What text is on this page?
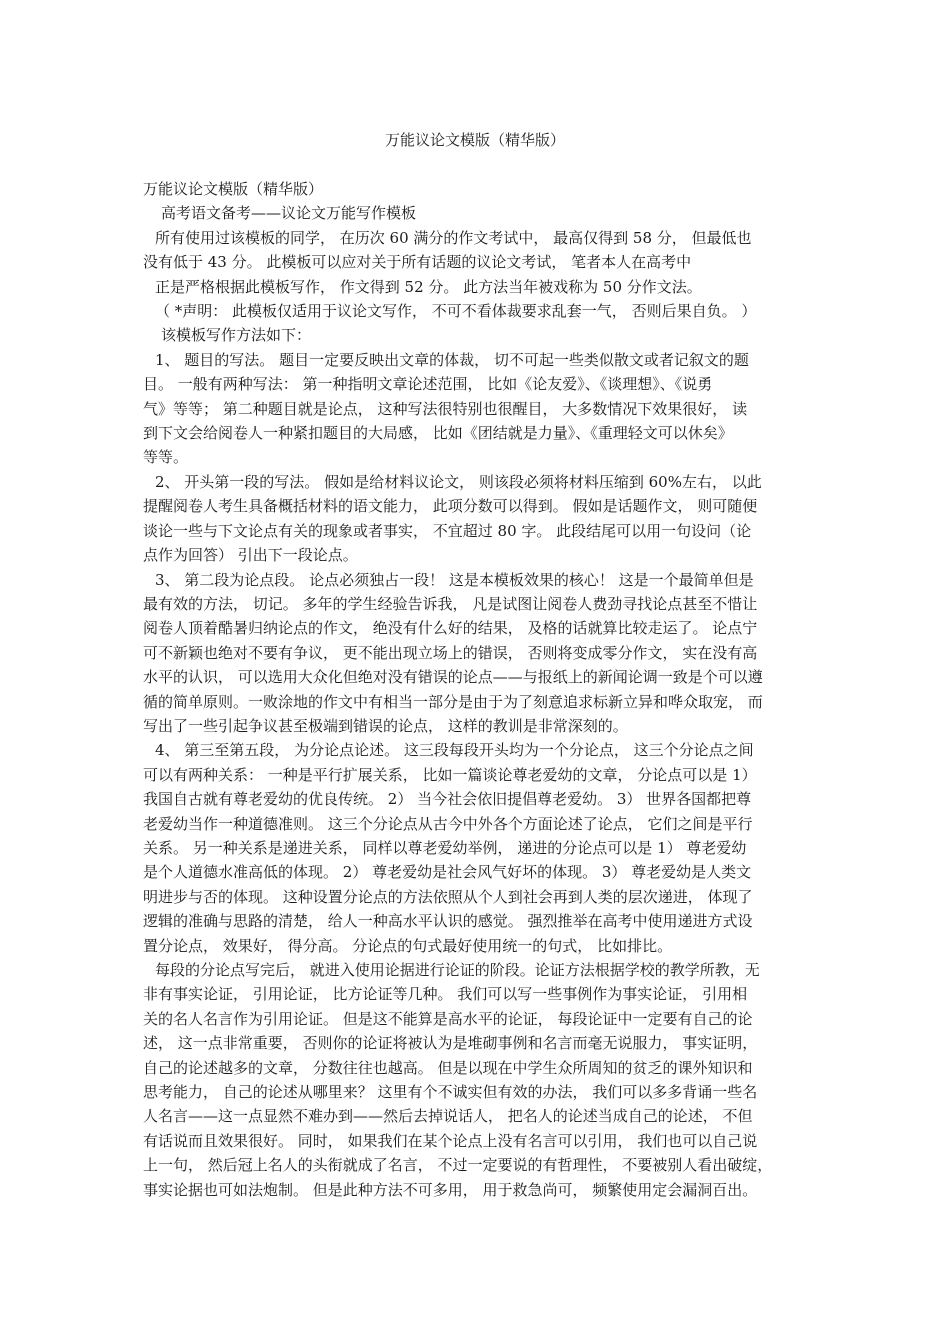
万能议论文模版（精华版）
万能议论文模版（精华版）
高考语文备考——议论文万能写作模板
所有使用过该模板的同学， 在历次 60 满分的作文考试中， 最高仅得到 58 分， 但最低也
没有低于 43 分。 此模板可以应对关于所有话题的议论文考试， 笔者本人在高考中
正是严格根据此模板写作， 作文得到 52 分。 此方法当年被戏称为 50 分作文法。
（ *声明： 此模板仅适用于议论文写作， 不可不看体裁要求乱套一气， 否则后果自负。 ）
该模板写作方法如下：
1、 题目的写法。 题目一定要反映出文章的体裁， 切不可起一些类似散文或者记叙文的题
目。 一般有两种写法： 第一种指明文章论述范围， 比如《论友爱》、《谈理想》、《说勇
气》等等； 第二种题目就是论点， 这种写法很特别也很醒目， 大多数情况下效果很好， 读
到下文会给阅卷人一种紧扣题目的大局感， 比如《团结就是力量》、《重理轻文可以休矣》
等等。
2、 开头第一段的写法。 假如是给材料议论文， 则该段必须将材料压缩到 60%左右， 以此
提醒阅卷人考生具备概括材料的语文能力， 此项分数可以得到。 假如是话题作文， 则可随便
谈论一些与下文论点有关的现象或者事实， 不宜超过 80 字。 此段结尾可以用一句设问（论
点作为回答） 引出下一段论点。
3、 第二段为论点段。 论点必须独占一段！ 这是本模板效果的核心！ 这是一个最简单但是
最有效的方法， 切记。 多年的学生经验告诉我， 凡是试图让阅卷人费劲寻找论点甚至不惜让
阅卷人顶着酷暑归纳论点的作文， 绝没有什么好的结果， 及格的话就算比较走运了。 论点宁
可不新颖也绝对不要有争议， 更不能出现立场上的错误， 否则将变成零分作文， 实在没有高
水平的认识， 可以选用大众化但绝对没有错误的论点——与报纸上的新闻论调一致是个可以遵
循的简单原则。一败涂地的作文中有相当一部分是由于为了刻意追求标新立异和哗众取宠， 而
写出了一些引起争议甚至极端到错误的论点， 这样的教训是非常深刻的。
4、 第三至第五段， 为分论点论述。 这三段每段开头均为一个分论点， 这三个分论点之间
可以有两种关系： 一种是平行扩展关系， 比如一篇谈论尊老爱幼的文章， 分论点可以是 1）
我国自古就有尊老爱幼的优良传统。 2） 当今社会依旧提倡尊老爱幼。 3） 世界各国都把尊
老爱幼当作一种道德准则。 这三个分论点从古今中外各个方面论述了论点， 它们之间是平行
关系。 另一种关系是递进关系， 同样以尊老爱幼举例， 递进的分论点可以是 1） 尊老爱幼
是个人道德水准高低的体现。 2） 尊老爱幼是社会风气好坏的体现。 3） 尊老爱幼是人类文
明进步与否的体现。 这种设置分论点的方法依照从个人到社会再到人类的层次递进， 体现了
逻辑的准确与思路的清楚， 给人一种高水平认识的感觉。 强烈推举在高考中使用递进方式设
置分论点， 效果好， 得分高。 分论点的句式最好使用统一的句式， 比如排比。
每段的分论点写完后， 就进入使用论据进行论证的阶段。论证方法根据学校的教学所教，无
非有事实论证， 引用论证， 比方论证等几种。 我们可以写一些事例作为事实论证， 引用相
关的名人名言作为引用论证。 但是这不能算是高水平的论证， 每段论证中一定要有自己的论
述， 这一点非常重要， 否则你的论证将被认为是堆砌事例和名言而毫无说服力， 事实证明，
自己的论述越多的文章， 分数往往也越高。 但是以现在中学生众所周知的贫乏的课外知识和
思考能力， 自己的论述从哪里来？ 这里有个不诚实但有效的办法， 我们可以多多背诵一些名
人名言——这一点显然不难办到——然后去掉说话人， 把名人的论述当成自己的论述， 不但
有话说而且效果很好。 同时， 如果我们在某个论点上没有名言可以引用， 我们也可以自己说
上一句， 然后冠上名人的头衔就成了名言， 不过一定要说的有哲理性， 不要被别人看出破绽，
事实论据也可如法炮制。 但是此种方法不可多用， 用于救急尚可， 频繁使用定会漏洞百出。
